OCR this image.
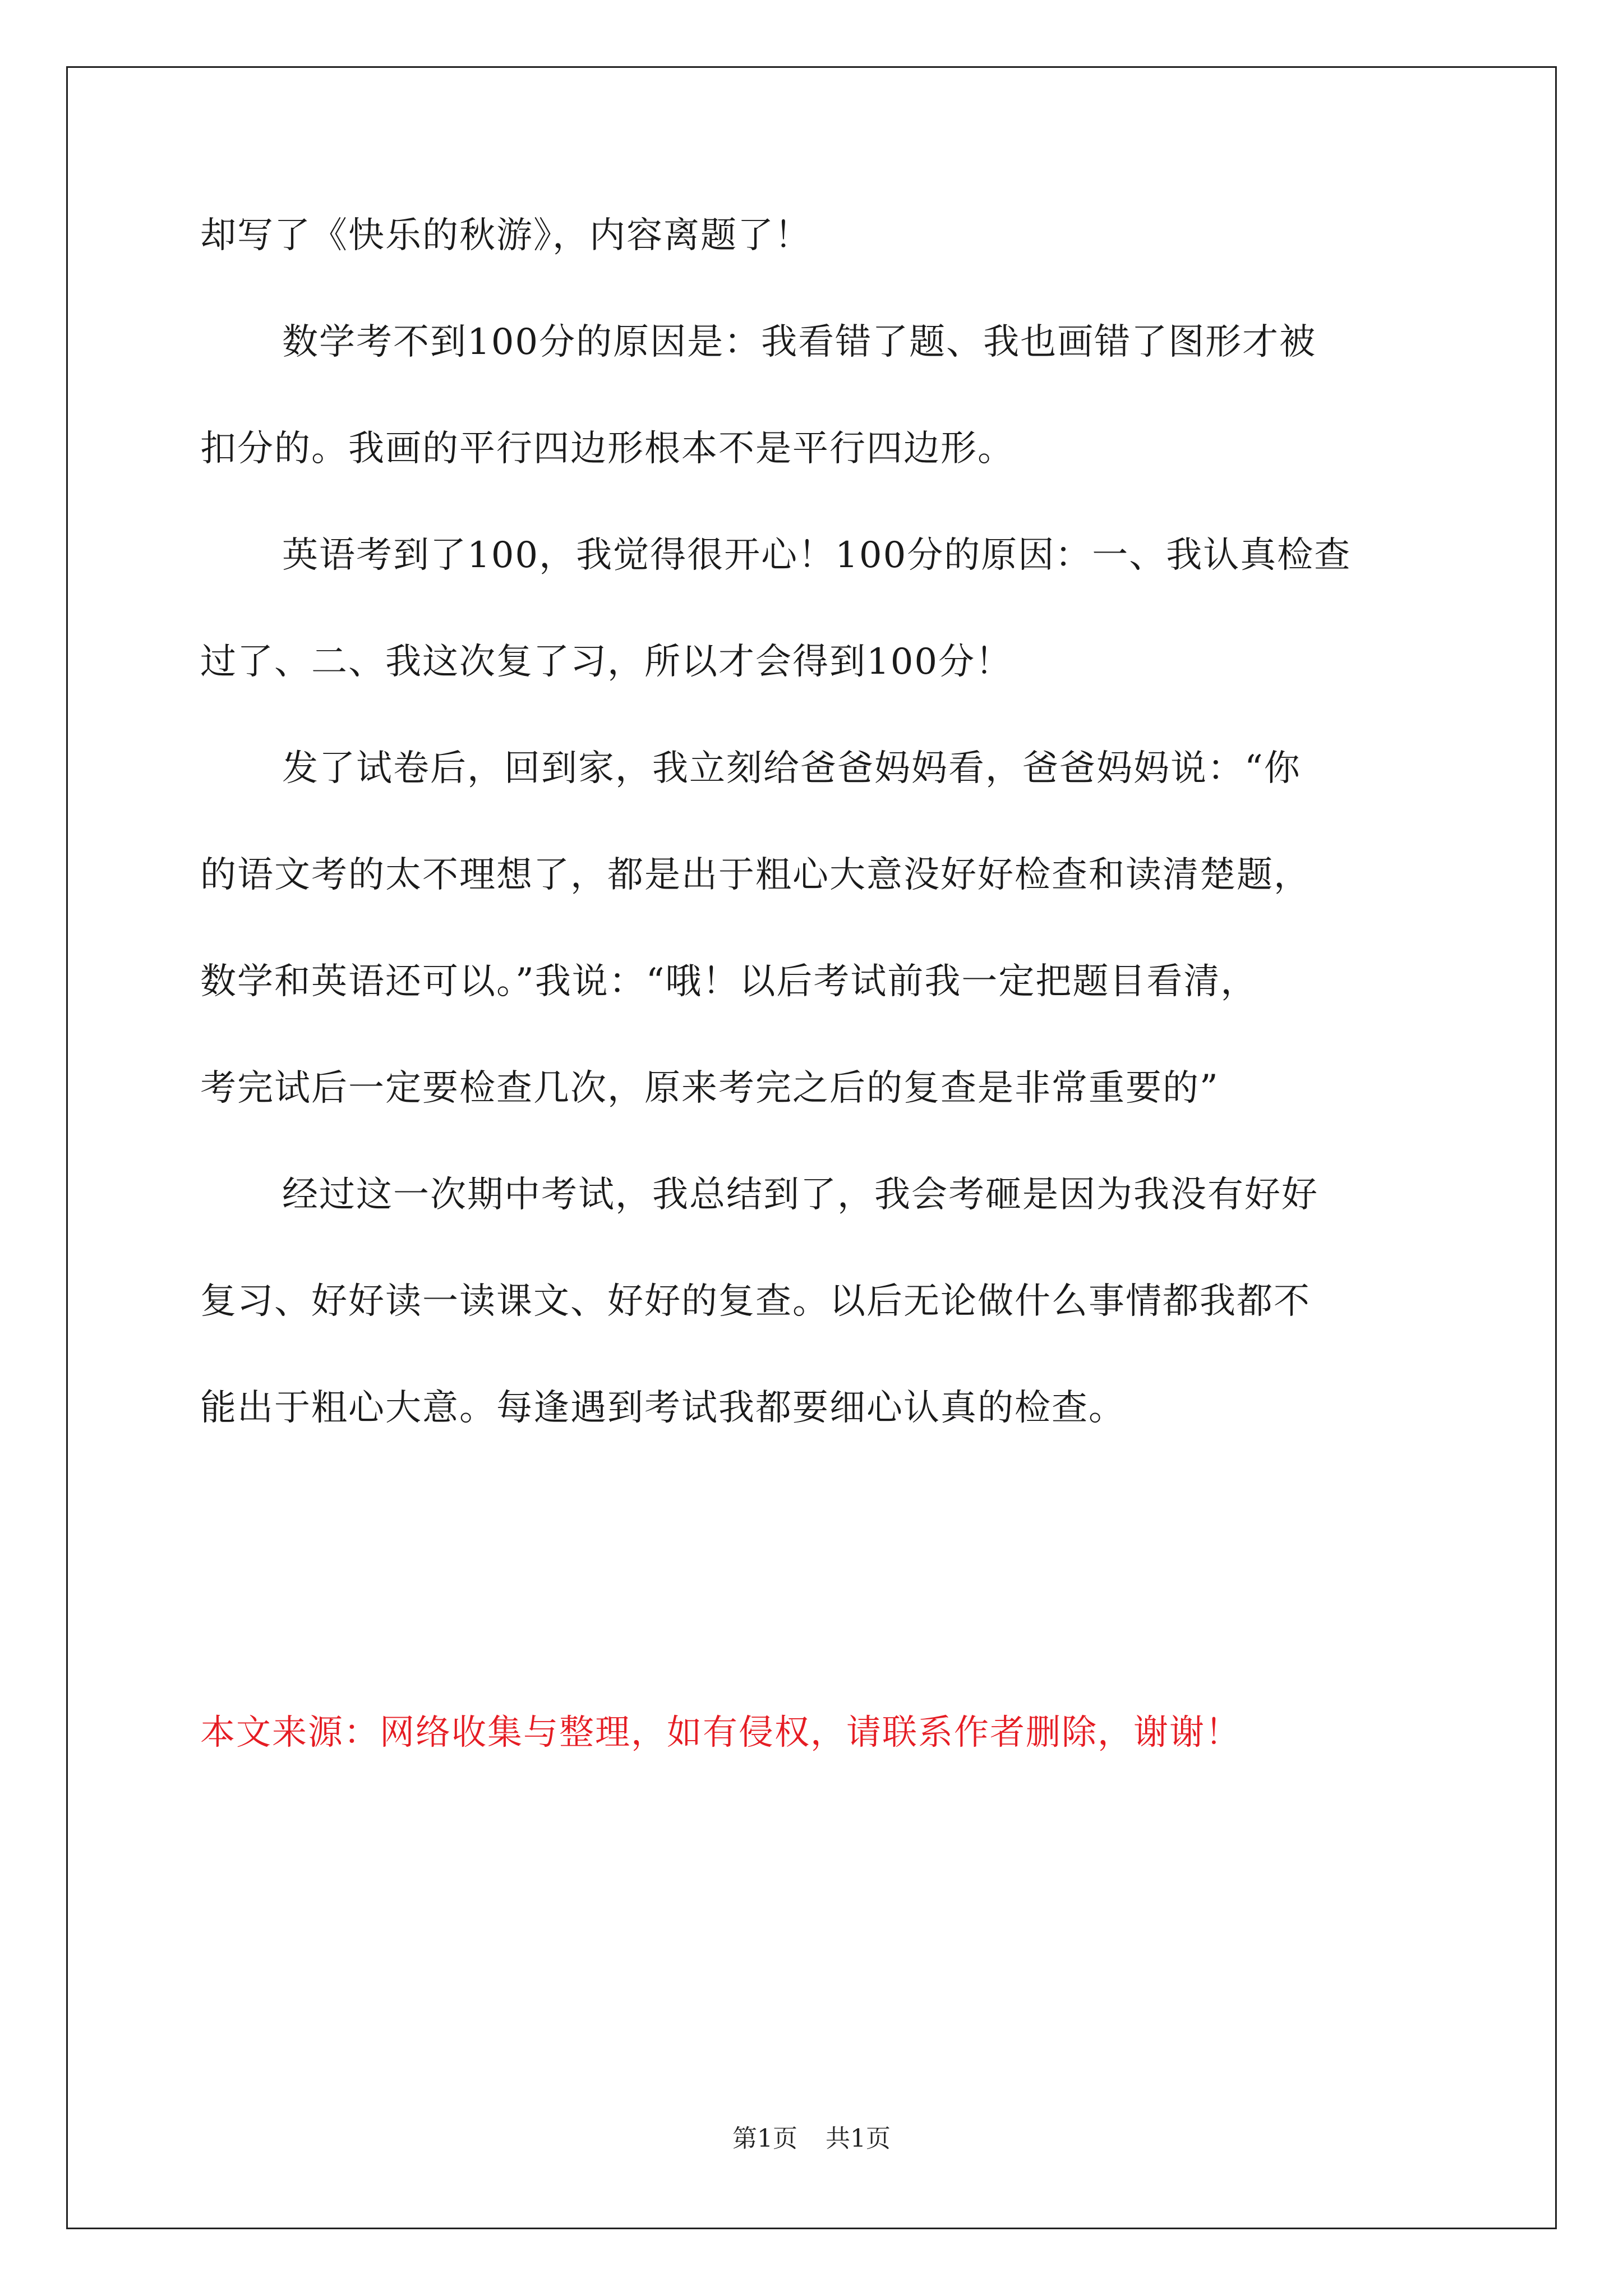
却写了《快乐的秋游》，内容离题了！
数学考不到100分的原因是：我看错了题、我也画错了图形才被
扣分的。我画的平行四边形根本不是平行四边形。
英语考到了100，我觉得很开心！100分的原因：一、我认真检查
过了、二、我这次复了习，所以才会得到100分！
发了试卷后，回到家，我立刻给爸爸妈妈看，爸爸妈妈说：“你
的语文考的太不理想了，都是出于粗心大意没好好检查和读清楚题，
数学和英语还可以。”我说：“哦！以后考试前我一定把题目看清，
考完试后一定要检查几次，原来考完之后的复查是非常重要的”
经过这一次期中考试，我总结到了，我会考砸是因为我没有好好
复习、好好读一读课文、好好的复查。以后无论做什么事情都我都不
能出于粗心大意。每逢遇到考试我都要细心认真的检查。
本文来源：网络收集与整理，如有侵权，请联系作者删除，谢谢！
第1页 共1页
